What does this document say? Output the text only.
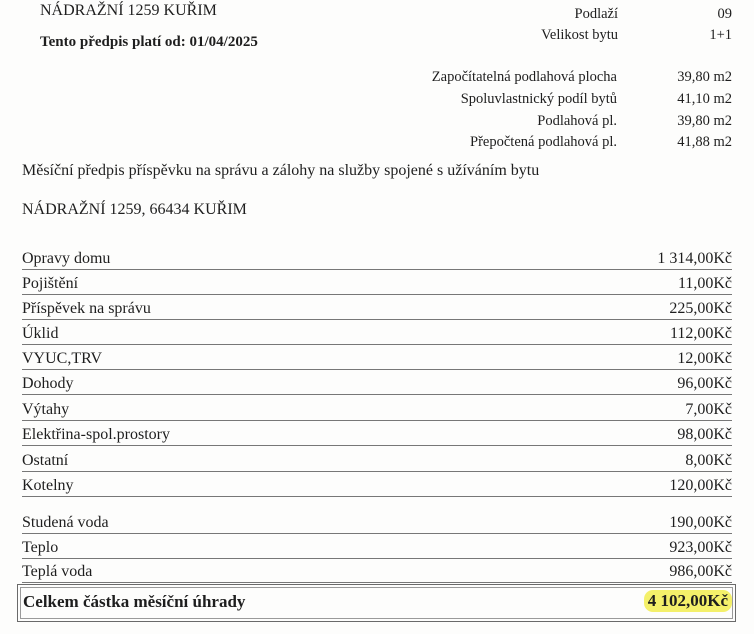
NÁDRAŽNÍ 1259 KUŘIM
Tento předpis platí od: 01/04/2025
Podlaží	09
Velikost bytu	1+1
Započítatelná podlahová plocha	39,80 m2
Spoluvlastnický podíl bytů	41,10 m2
Podlahová pl.	39,80 m2
Přepočtená podlahová pl.	41,88 m2
Měsíční předpis příspěvku na správu a zálohy na služby spojené s užíváním bytu
NÁDRAŽNÍ 1259, 66434 KUŘIM
Opravy domu	1 314,00Kč
Pojištění	11,00Kč
Příspěvek na správu	225,00Kč
Úklid	112,00Kč
VYUC,TRV	12,00Kč
Dohody	96,00Kč
Výtahy	7,00Kč
Elektřina-spol.prostory	98,00Kč
Ostatní	8,00Kč
Kotelny	120,00Kč
Studená voda	190,00Kč
Teplo	923,00Kč
Teplá voda	986,00Kč
Celkem částka měsíční úhrady	4 102,00Kč
